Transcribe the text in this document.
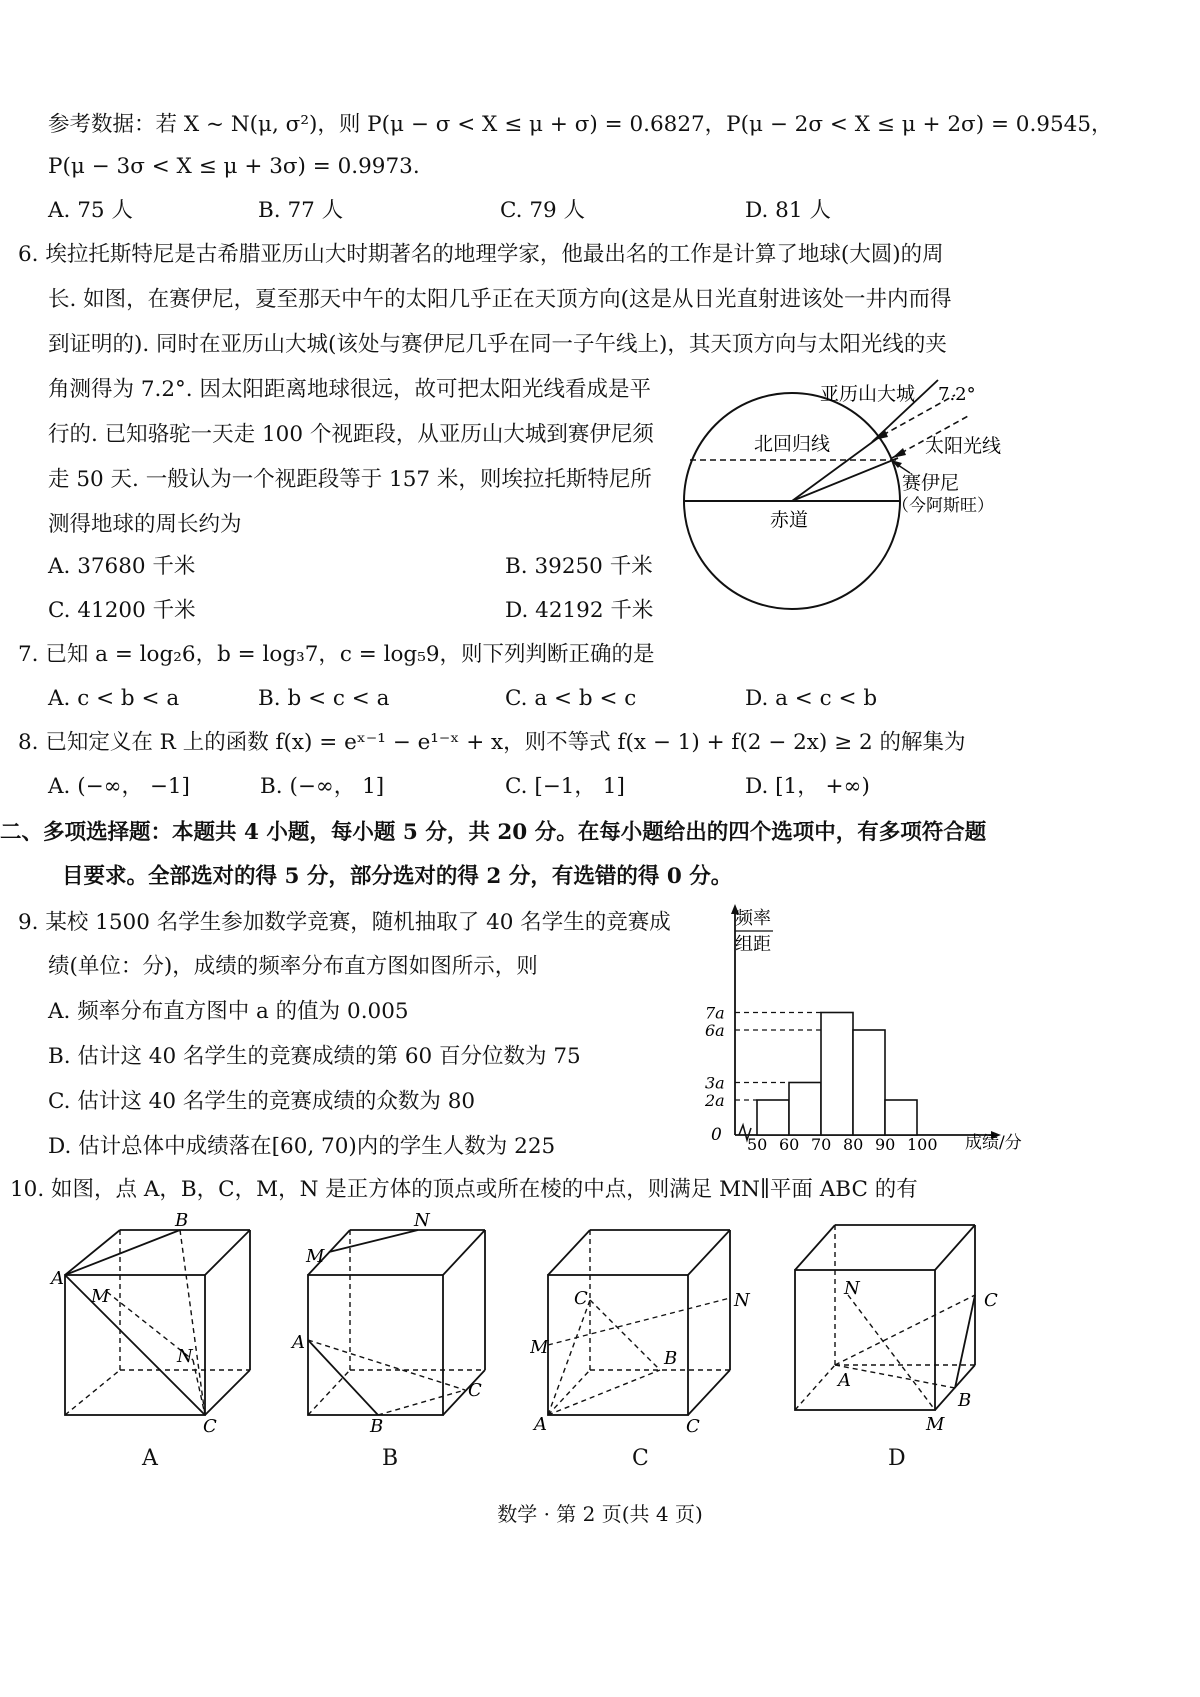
参考数据：若 X ~ N(μ, σ²)，则 P(μ − σ < X ≤ μ + σ) = 0.6827，P(μ − 2σ < X ≤ μ + 2σ) = 0.9545，
P(μ − 3σ < X ≤ μ + 3σ) = 0.9973.
A. 75 人	B. 77 人	C. 79 人	D. 81 人
6. 埃拉托斯特尼是古希腊亚历山大时期著名的地理学家，他最出名的工作是计算了地球(大圆)的周
长. 如图，在赛伊尼，夏至那天中午的太阳几乎正在天顶方向(这是从日光直射进该处一井内而得
到证明的). 同时在亚历山大城(该处与赛伊尼几乎在同一子午线上)，其天顶方向与太阳光线的夹
角测得为 7.2°. 因太阳距离地球很远，故可把太阳光线看成是平
行的. 已知骆驼一天走 100 个视距段，从亚历山大城到赛伊尼须
走 50 天. 一般认为一个视距段等于 157 米，则埃拉托斯特尼所
测得地球的周长约为
A. 37680 千米	B. 39250 千米
C. 41200 千米	D. 42192 千米
亚历山大城 7.2°
北回归线	太阳光线
赛伊尼
（今阿斯旺）
赤道
7. 已知 a = log₂6，b = log₃7，c = log₅9，则下列判断正确的是
A. c < b < a	B. b < c < a	C. a < b < c	D. a < c < b
8. 已知定义在 R 上的函数 f(x) = eˣ⁻¹ − e¹⁻ˣ + x，则不等式 f(x − 1) + f(2 − 2x) ≥ 2 的解集为
A. (−∞， −1]	B. (−∞， 1]	C. [−1， 1]	D. [1， +∞)
二、多项选择题：本题共 4 小题，每小题 5 分，共 20 分。在每小题给出的四个选项中，有多项符合题
目要求。全部选对的得 5 分，部分选对的得 2 分，有选错的得 0 分。
9. 某校 1500 名学生参加数学竞赛，随机抽取了 40 名学生的竞赛成
绩(单位：分)，成绩的频率分布直方图如图所示，则
A. 频率分布直方图中 a 的值为 0.005
B. 估计这 40 名学生的竞赛成绩的第 60 百分位数为 75
C. 估计这 40 名学生的竞赛成绩的众数为 80
D. 估计总体中成绩落在[60, 70)内的学生人数为 225
频率
组距
0	成绩/分
50 60 70 80 90 100
2a
3a
6a
7a
10. 如图，点 A，B，C，M，N 是正方体的顶点或所在棱的中点，则满足 MN∥平面 ABC 的有
A
B
M
N
C
M
N
A
B
C
C	N
M
B
A	C
N
C
A
B
M
A	B	C	D
数学 · 第 2 页(共 4 页)
